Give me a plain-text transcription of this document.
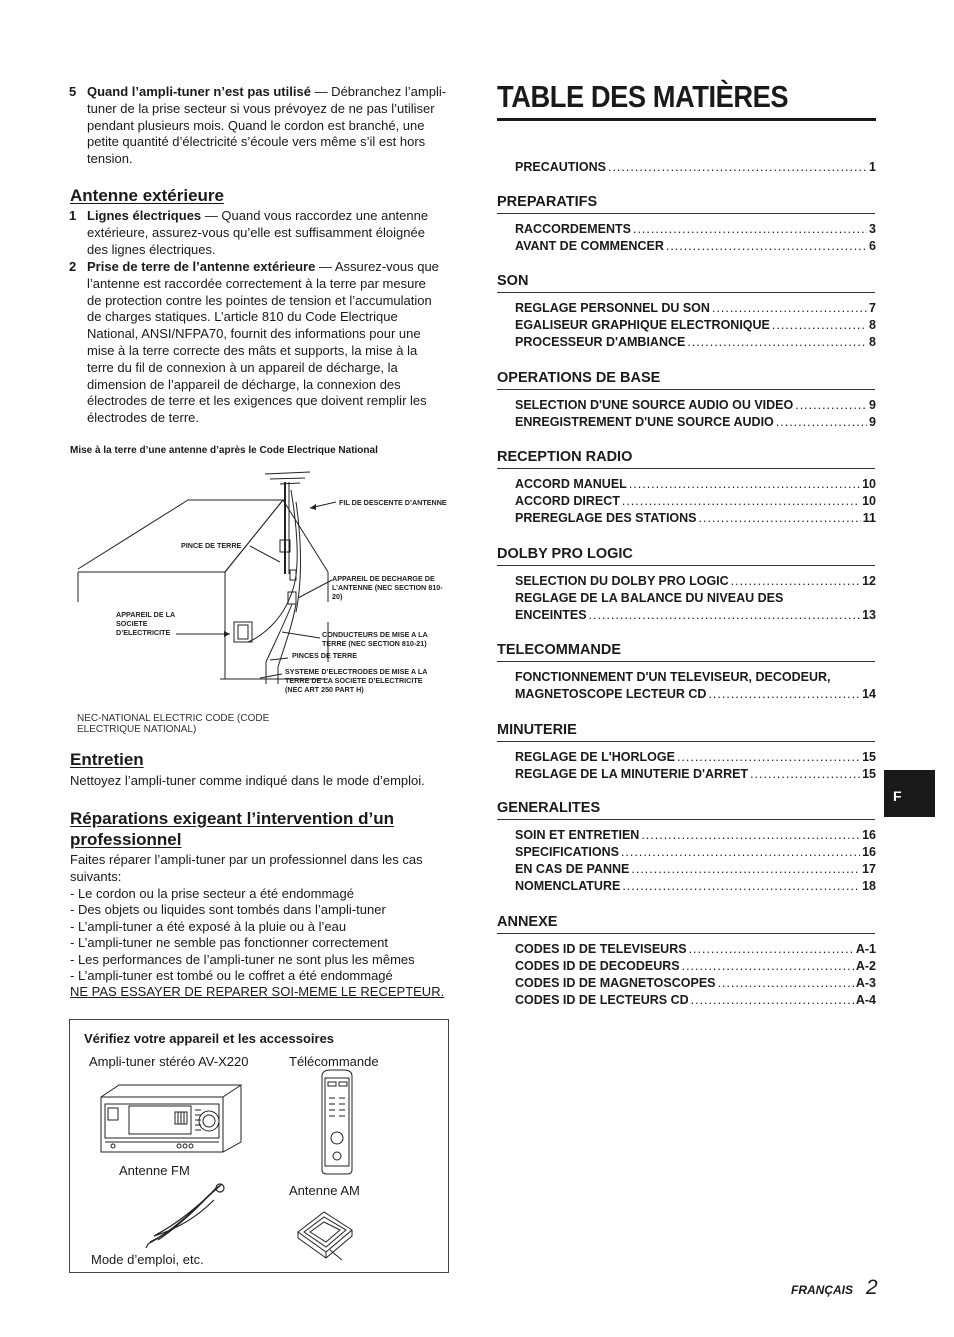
5 Quand l’ampli-tuner n’est pas utilisé — Débranchez l’ampli-
tuner de la prise secteur si vous prévoyez de ne pas l’utiliser
pendant plusieurs mois. Quand le cordon est branché, une
petite quantité d’électricité s’écoule vers même s’il est hors
tension.
Antenne extérieure
1 Lignes électriques — Quand vous raccordez une antenne
extérieure, assurez-vous qu’elle est suffisamment éloignée
des lignes électriques.
2 Prise de terre de l’antenne extérieure — Assurez-vous que
l’antenne est raccordée correctement à la terre par mesure
de protection contre les pointes de tension et l’accumulation
de charges statiques. L’article 810 du Code Electrique
National, ANSI/NFPA70, fournit des informations pour une
mise à la terre correcte des mâts et supports, la mise à la
terre du fil de connexion à un appareil de décharge, la
dimension de l’appareil de décharge, la connexion des
électrodes de terre et les exigences que doivent remplir les
électrodes de terre.
Mise à la terre d’une antenne d’après le Code Electrique National
FIL DE DESCENTE D’ANTENNE
PINCE DE TERRE
APPAREIL DE DECHARGE DE
L’ANTENNE (NEC SECTION 810-
20)
APPAREIL DE LA
SOCIETE
D’ELECTRICITE	CONDUCTEURS DE MISE A LA
TERRE (NEC SECTION 810-21)
PINCES DE TERRE
SYSTEME D’ELECTRODES DE MISE A LA
TERRE DE LA SOCIETE D’ELECTRICITE
(NEC ART 250 PART H)
NEC-NATIONAL ELECTRIC CODE (CODE
ELECTRIQUE NATIONAL)
Entretien
Nettoyez l’ampli-tuner comme indiqué dans le mode d’emploi.
Réparations exigeant l’intervention d’un
professionnel
Faites réparer l’ampli-tuner par un professionnel dans les cas
suivants:
- Le cordon ou la prise secteur a été endommagé
- Des objets ou liquides sont tombés dans l’ampli-tuner
- L’ampli-tuner a été exposé à la pluie ou à l’eau
- L’ampli-tuner ne semble pas fonctionner correctement
- Les performances de l’ampli-tuner ne sont plus les mêmes
- L’ampli-tuner est tombé ou le coffret a été endommagé
NE PAS ESSAYER DE REPARER SOI-MEME LE RECEPTEUR.
Vérifiez votre appareil et les accessoires
Ampli-tuner stéréo AV-X220	Télécommande
Antenne FM
Antenne AM
Mode d’emploi, etc.
TABLE DES MATIÈRES
PRECAUTIONS .....	1
PREPARATIFS
RACCORDEMENTS .....	3
AVANT DE COMMENCER .....	6
SON
REGLAGE PERSONNEL DU SON .....	7
EGALISEUR GRAPHIQUE ELECTRONIQUE .....	8
PROCESSEUR D'AMBIANCE .....	8
OPERATIONS DE BASE
SELECTION D'UNE SOURCE AUDIO OU VIDEO .....	9
ENREGISTREMENT D'UNE SOURCE AUDIO .....	9
RECEPTION RADIO
ACCORD MANUEL .....	10
ACCORD DIRECT .....	10
PREREGLAGE DES STATIONS .....	11
DOLBY PRO LOGIC
SELECTION DU DOLBY PRO LOGIC .....	12
REGLAGE DE LA BALANCE DU NIVEAU DES
ENCEINTES .....	13
TELECOMMANDE
FONCTIONNEMENT D'UN TELEVISEUR, DECODEUR,
MAGNETOSCOPE LECTEUR CD .....	14
MINUTERIE
REGLAGE DE L'HORLOGE .....	15
REGLAGE DE LA MINUTERIE D'ARRET .....	15
GENERALITES
SOIN ET ENTRETIEN .....	16
SPECIFICATIONS .....	16
EN CAS DE PANNE .....	17
NOMENCLATURE .....	18
ANNEXE
CODES ID DE TELEVISEURS .....	A-1
CODES ID DE DECODEURS .....	A-2
CODES ID DE MAGNETOSCOPES .....	A-3
CODES ID DE LECTEURS CD .....	A-4
F
FRANÇAIS 2
